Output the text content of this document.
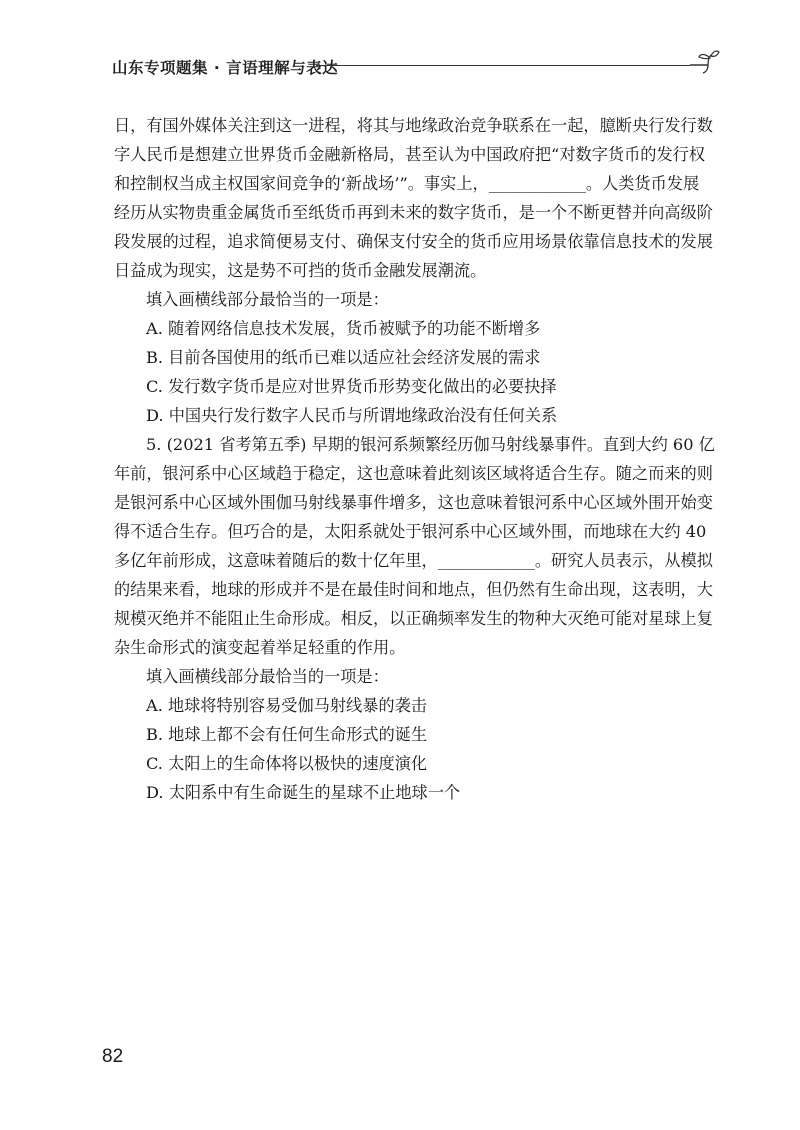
山东专项题集 · 言语理解与表达
日，有国外媒体关注到这一进程，将其与地缘政治竞争联系在一起，臆断央行发行数
字人民币是想建立世界货币金融新格局，甚至认为中国政府把“对数字货币的发行权
和控制权当成主权国家间竞争的‘新战场’”。事实上，____________。人类货币发展
经历从实物贵重金属货币至纸货币再到未来的数字货币，是一个不断更替并向高级阶
段发展的过程，追求简便易支付、确保支付安全的货币应用场景依靠信息技术的发展
日益成为现实，这是势不可挡的货币金融发展潮流。

填入画横线部分最恰当的一项是：

A. 随着网络信息技术发展，货币被赋予的功能不断增多

B. 目前各国使用的纸币已难以适应社会经济发展的需求

C. 发行数字货币是应对世界货币形势变化做出的必要抉择

D. 中国央行发行数字人民币与所谓地缘政治没有任何关系

5. (2021 省考第五季) 早期的银河系频繁经历伽马射线暴事件。直到大约 60 亿
年前，银河系中心区域趋于稳定，这也意味着此刻该区域将适合生存。随之而来的则
是银河系中心区域外围伽马射线暴事件增多，这也意味着银河系中心区域外围开始变
得不适合生存。但巧合的是，太阳系就处于银河系中心区域外围，而地球在大约 40
多亿年前形成，这意味着随后的数十亿年里，____________。研究人员表示，从模拟
的结果来看，地球的形成并不是在最佳时间和地点，但仍然有生命出现，这表明，大
规模灭绝并不能阻止生命形成。相反，以正确频率发生的物种大灭绝可能对星球上复
杂生命形式的演变起着举足轻重的作用。

填入画横线部分最恰当的一项是：

A. 地球将特别容易受伽马射线暴的袭击

B. 地球上都不会有任何生命形式的诞生

C. 太阳上的生命体将以极快的速度演化

D. 太阳系中有生命诞生的星球不止地球一个

82
